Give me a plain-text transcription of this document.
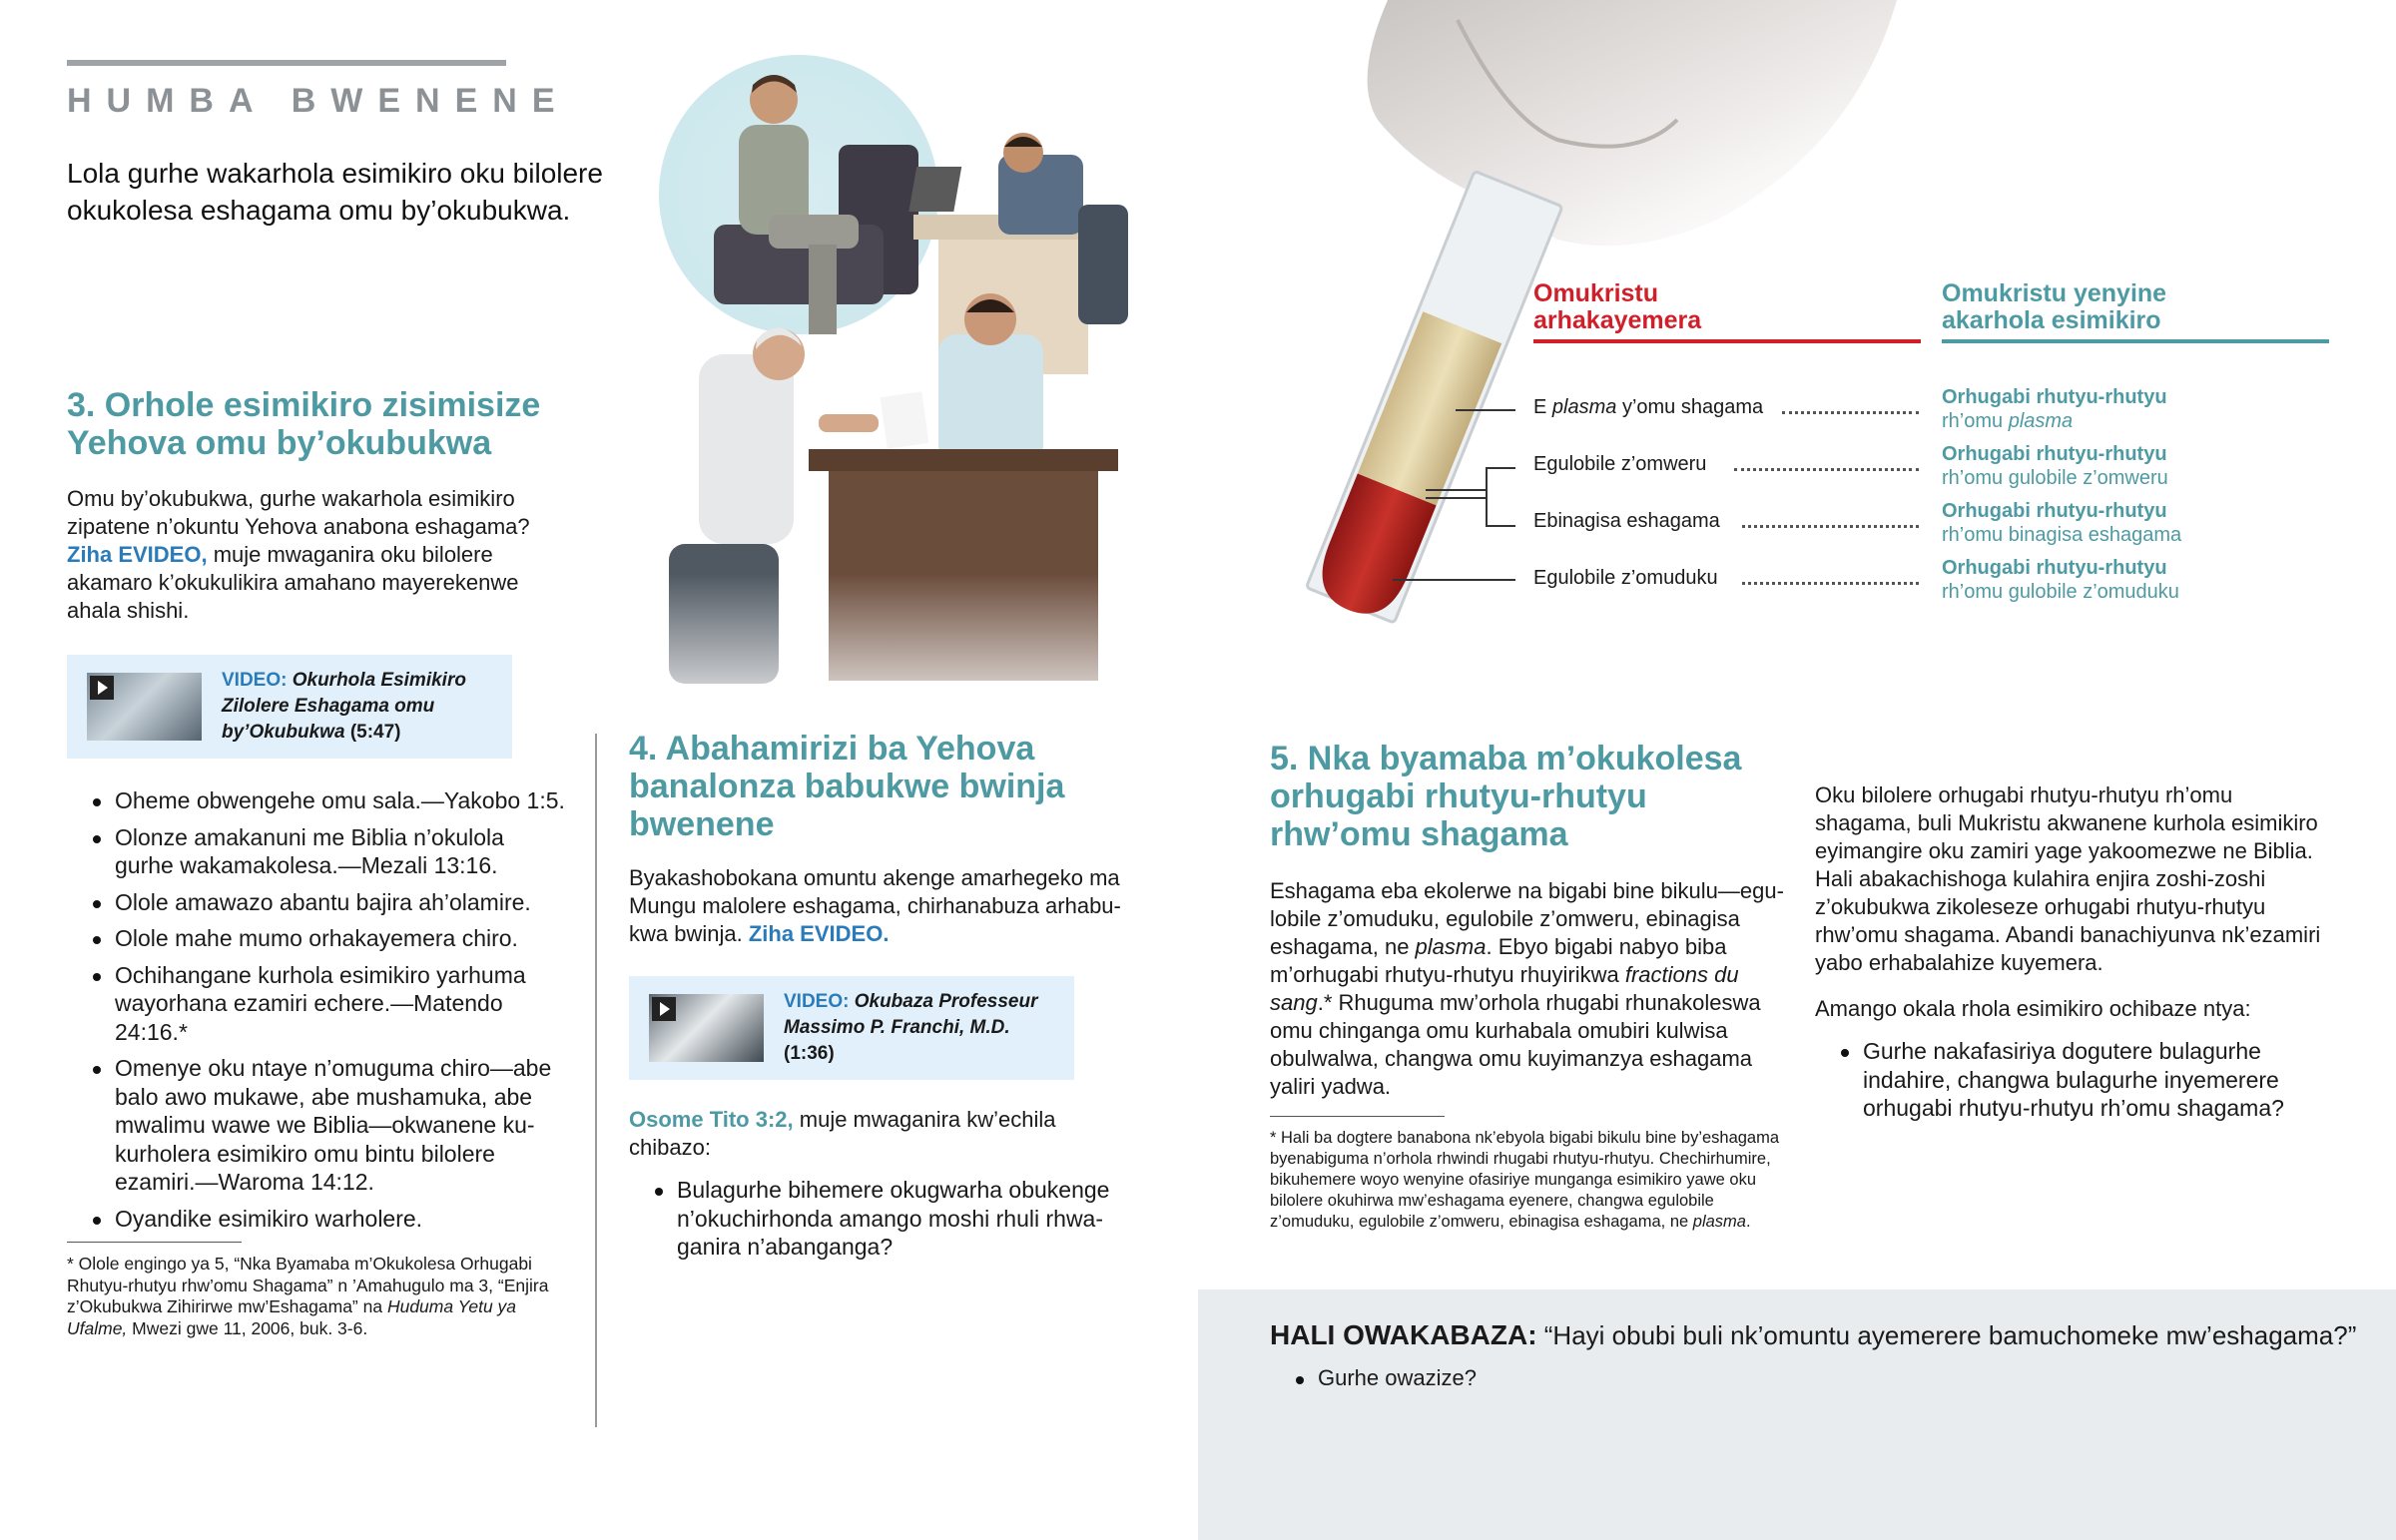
HUMBA BWENENE
Lola gurhe wakarhola esimikiro oku bilolere okukolesa eshagama omu by’okubukwa.
3. Orhole esimikiro zisimisize Yehova omu by’okubukwa
Omu by’okubukwa, gurhe wakarhola esimikiro zipatene n’okuntu Yehova anabona eshagama? Ziha EVIDEO, muje mwaganira oku bilolere akamaro k’okukulikira amahano mayerekenwe ahala shishi.
VIDEO: Okurhola Esimikiro Zilolere Eshagama omu by’Okubukwa (5:47)
Oheme obwengehe omu sala.—Yakobo 1:5.
Olonze amakanuni me Biblia n’okulola gurhe wakamakolesa.—Mezali 13:16.
Olole amawazo abantu bajira ah’olamire.
Olole mahe mumo orhakayemera chiro.
Ochihangane kurhola esimikiro yarhuma wayorhana ezamiri echere.—Matendo 24:16.*
Omenye oku ntaye n’omuguma chiro—abe balo awo mukawe, abe mushamuka, abe mwalimu wawe we Biblia—okwanene kukurholera esimikiro omu bintu bilolere ezamiri.—Waroma 14:12.
Oyandike esimikiro warholere.
* Olole engingo ya 5, “Nka Byamaba m’Okukolesa Orhugabi Rhutyu-rhutyu rhw’omu Shagama” n ’Amahugulo ma 3, “Enjira z’Okubukwa Zihirirwe mw’Eshagama” na Huduma Yetu ya Ufalme, Mwezi gwe 11, 2006, buk. 3-6.
4. Abahamirizi ba Yehova banalonza babukwe bwinja bwenene
Byakashobokana omuntu akenge amarhegeko ma Mungu malolere eshagama, chirhanabuza arhabukwa bwinja. Ziha EVIDEO.
VIDEO: Okubaza Professeur Massimo P. Franchi, M.D. (1:36)
Osome Tito 3:2, muje mwaganira kw’echila chibazo:
Bulagurhe bihemere okugwarha obukenge n’okuchirhonda amango moshi rhuli rhwaganira n’abanganga?
Omukristu
arhakayemera
Omukristu yenyine
akarhola esimikiro
E plasma y’omu shagama	Orhugabi rhutyu-rhutyu
rh’omu plasma
Egulobile z’omweru	Orhugabi rhutyu-rhutyu
rh’omu gulobile z’omweru
Ebinagisa eshagama	Orhugabi rhutyu-rhutyu
rh’omu binagisa eshagama
Egulobile z’omuduku	Orhugabi rhutyu-rhutyu
rh’omu gulobile z’omuduku
5. Nka byamaba m’okukolesa orhugabi rhutyu-rhutyu rhw’omu shagama
Eshagama eba ekolerwe na bigabi bine bikulu—egulobile z’omuduku, egulobile z’omweru, ebinagisa eshagama, ne plasma. Ebyo bigabi nabyo biba m’orhugabi rhutyu-rhutyu rhuyirikwa fractions du sang.* Rhuguma mw’orhola rhugabi rhunakoleswa omu chinganga omu kurhabala omubiri kulwisa obulwalwa, changwa omu kuyimanzya eshagama yaliri yadwa.
* Hali ba dogtere banabona nk’ebyola bigabi bikulu bine by’eshagama byenabiguma n’orhola rhwindi rhugabi rhutyu-rhutyu. Chechirhumire, bikuhemere woyo wenyine ofasiriye munganga esimikiro yawe oku bilolere okuhirwa mw’eshagama eyenere, changwa egulobile z’omuduku, egulobile z’omweru, ebinagisa eshagama, ne plasma.
Oku bilolere orhugabi rhutyu-rhutyu rh’omu shagama, buli Mukristu akwanene kurhola esimikiro eyimangire oku zamiri yage yakoomezwe ne Biblia. Hali abakachishoga kulahira enjira zoshi-zoshi z’okubukwa zikoleseze orhugabi rhutyu-rhutyu rhw’omu shagama. Abandi banachiyunva nk’ezamiri yabo erhabalahize kuyemera.
Amango okala rhola esimikiro ochibaze ntya:
Gurhe nakafasiriya dogutere bulagurhe indahire, changwa bulagurhe inyemerere orhugabi rhutyu-rhutyu rh’omu shagama?
HALI OWAKABAZA: “Hayi obubi buli nk’omuntu ayemerere bamuchomeke mw’eshagama?”
Gurhe owazize?
